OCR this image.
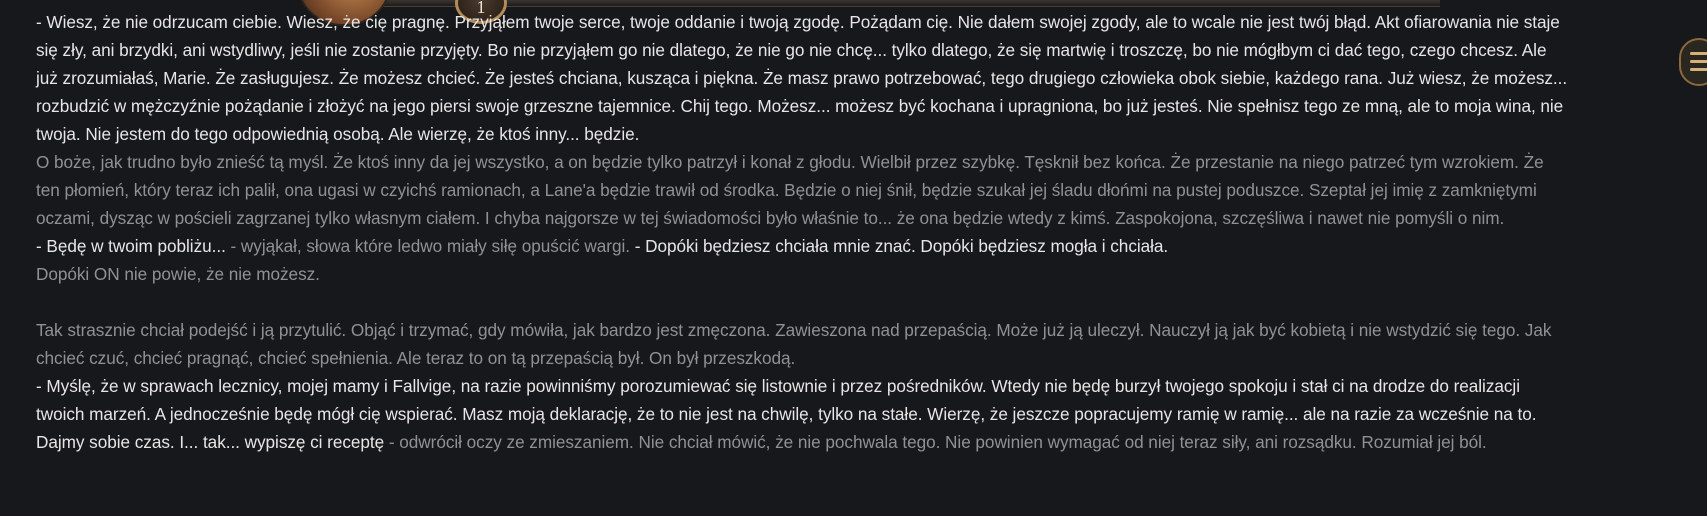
1
- Wiesz, że nie odrzucam ciebie. Wiesz, że cię pragnę. Przyjąłem twoje serce, twoje oddanie i twoją zgodę. Pożądam cię. Nie dałem swojej zgody, ale to wcale nie jest twój błąd. Akt ofiarowania nie staje
się zły, ani brzydki, ani wstydliwy, jeśli nie zostanie przyjęty. Bo nie przyjąłem go nie dlatego, że nie go nie chcę... tylko dlatego, że się martwię i troszczę, bo nie mógłbym ci dać tego, czego chcesz. Ale
już zrozumiałaś, Marie. Że zasługujesz. Że możesz chcieć. Że jesteś chciana, kusząca i piękna. Że masz prawo potrzebować, tego drugiego człowieka obok siebie, każdego rana. Już wiesz, że możesz...
rozbudzić w mężczyźnie pożądanie i złożyć na jego piersi swoje grzeszne tajemnice. Chij tego. Możesz... możesz być kochana i upragniona, bo już jesteś. Nie spełnisz tego ze mną, ale to moja wina, nie
twoja. Nie jestem do tego odpowiednią osobą. Ale wierzę, że ktoś inny... będzie.
O boże, jak trudno było znieść tą myśl. Że ktoś inny da jej wszystko, a on będzie tylko patrzył i konał z głodu. Wielbił przez szybkę. Tęsknił bez końca. Że przestanie na niego patrzeć tym wzrokiem. Że
ten płomień, który teraz ich palił, ona ugasi w czyichś ramionach, a Lane'a będzie trawił od środka. Będzie o niej śnił, będzie szukał jej śladu dłońmi na pustej poduszce. Szeptał jej imię z zamkniętymi
oczami, dysząc w pościeli zagrzanej tylko własnym ciałem. I chyba najgorsze w tej świadomości było właśnie to... że ona będzie wtedy z kimś. Zaspokojona, szczęśliwa i nawet nie pomyśli o nim.
- Będę w twoim pobliżu... - wyjąkał, słowa które ledwo miały siłę opuścić wargi. - Dopóki będziesz chciała mnie znać. Dopóki będziesz mogła i chciała.
Dopóki ON nie powie, że nie możesz.
Tak strasznie chciał podejść i ją przytulić. Objąć i trzymać, gdy mówiła, jak bardzo jest zmęczona. Zawieszona nad przepaścią. Może już ją uleczył. Nauczył ją jak być kobietą i nie wstydzić się tego. Jak
chcieć czuć, chcieć pragnąć, chcieć spełnienia. Ale teraz to on tą przepaścią był. On był przeszkodą.
- Myślę, że w sprawach lecznicy, mojej mamy i Fallvige, na razie powinniśmy porozumiewać się listownie i przez pośredników. Wtedy nie będę burzył twojego spokoju i stał ci na drodze do realizacji
twoich marzeń. A jednocześnie będę mógł cię wspierać. Masz moją deklarację, że to nie jest na chwilę, tylko na stałe. Wierzę, że jeszcze popracujemy ramię w ramię... ale na razie za wcześnie na to.
Dajmy sobie czas. I... tak... wypiszę ci receptę - odwrócił oczy ze zmieszaniem. Nie chciał mówić, że nie pochwala tego. Nie powinien wymagać od niej teraz siły, ani rozsądku. Rozumiał jej ból.
